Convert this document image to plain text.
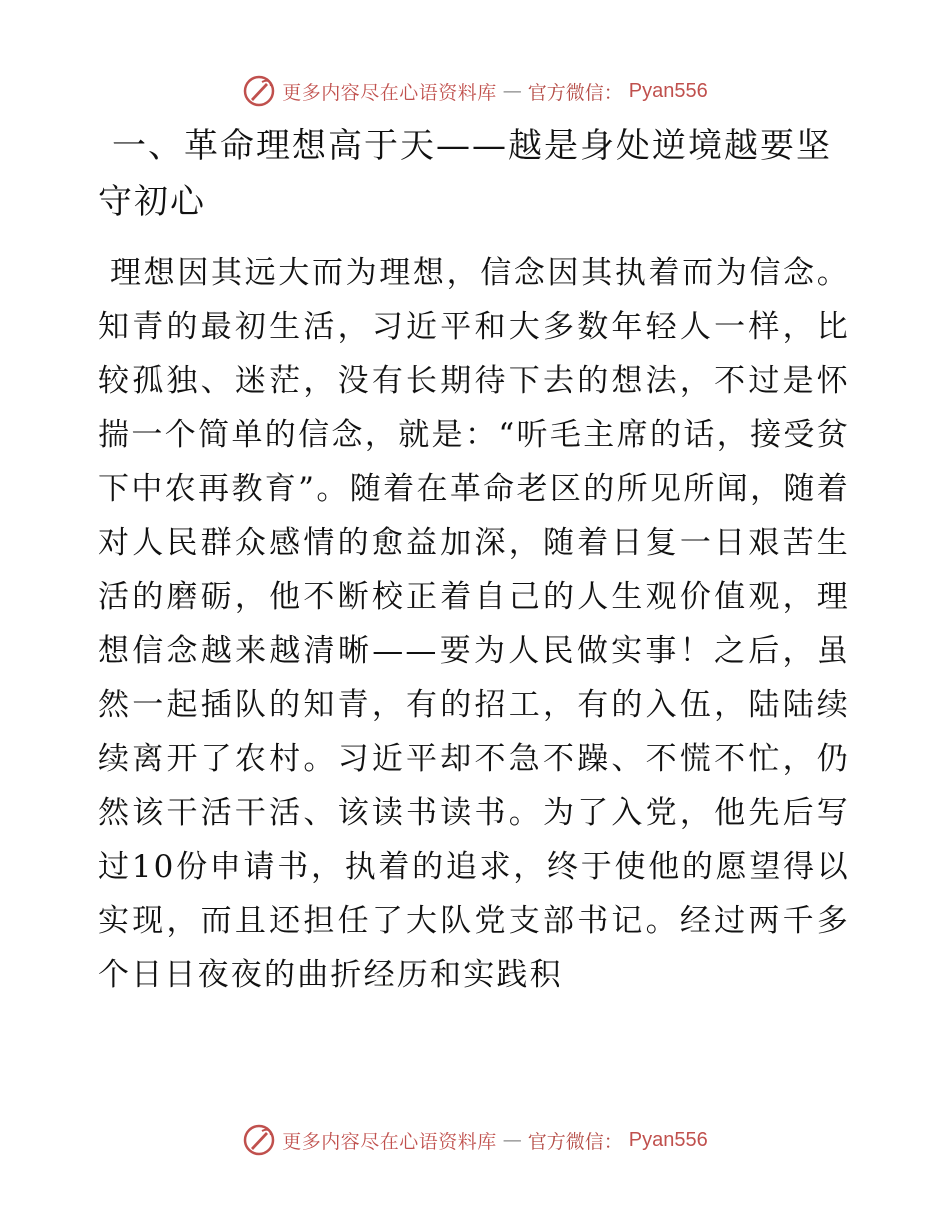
更多内容尽在心语资料库 — 官方微信： Pyan556
一、革命理想高于天——越是身处逆境越要坚守初心

理想因其远大而为理想，信念因其执着而为信念。知青的最初生活，习近平和大多数年轻人一样，比较孤独、迷茫，没有长期待下去的想法，不过是怀揣一个简单的信念，就是：“听毛主席的话，接受贫下中农再教育”。随着在革命老区的所见所闻，随着对人民群众感情的愈益加深，随着日复一日艰苦生活的磨砺，他不断校正着自己的人生观价值观，理想信念越来越清晰——要为人民做实事！之后，虽然一起插队的知青，有的招工，有的入伍，陆陆续续离开了农村。习近平却不急不躁、不慌不忙，仍然该干活干活、该读书读书。为了入党，他先后写过10份申请书，执着的追求，终于使他的愿望得以实现，而且还担任了大队党支部书记。经过两千多个日日夜夜的曲折经历和实践积

更多内容尽在心语资料库 — 官方微信： Pyan556
